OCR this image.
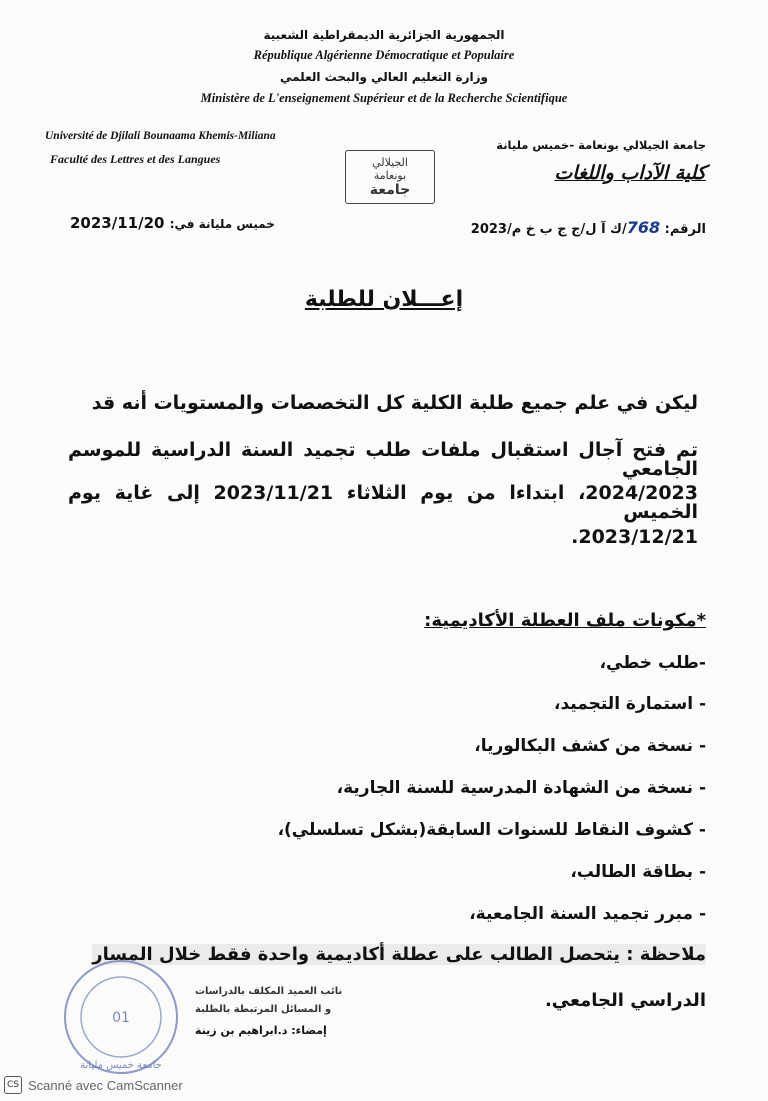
الجمهورية الجزائرية الديمقراطية الشعبية
République Algérienne Démocratique et Populaire
وزارة التعليم العالي والبحث العلمي
Ministère de L'enseignement Supérieur et de la Recherche Scientifique
Université de Djilali Bounaama Khemis-Miliana
Faculté des Lettres et des Langues
جامعة الجيلالي بونعامة -خميس مليانة
كلية الآداب واللغات
الجيلالي
بونعامة
جامعة
خميس مليانة في: 2023/11/20	الرقم: 768/ك آ ل/ج ج ب خ م/2023
إعـــلان للطلبة
ليكن في علم جميع طلبة الكلية كل التخصصات والمستويات أنه قد
تم فتح آجال استقبال ملفات طلب تجميد السنة الدراسية للموسم الجامعي
2024/2023، ابتداءا من يوم الثلاثاء 2023/11/21 إلى غاية يوم الخميس
2023/12/21.
*مكونات ملف العطلة الأكاديمية:
-طلب خطي،
- استمارة التجميد،
- نسخة من كشف البكالوريا،
- نسخة من الشهادة المدرسية للسنة الجارية،
- كشوف النقاط للسنوات السابقة(بشكل تسلسلي)،
- بطاقة الطالب،
- مبرر تجميد السنة الجامعية،
ملاحظة : يتحصل الطالب على عطلة أكاديمية واحدة فقط خلال المسار
الدراسي الجامعي.
نائب العميد المكلف بالدراسات
و المسائل المرتبطة بالطلبة
إمضاء: د.ابراهيم بن زينة
جامعة خميس مليانة
01
CS Scanné avec CamScanner
